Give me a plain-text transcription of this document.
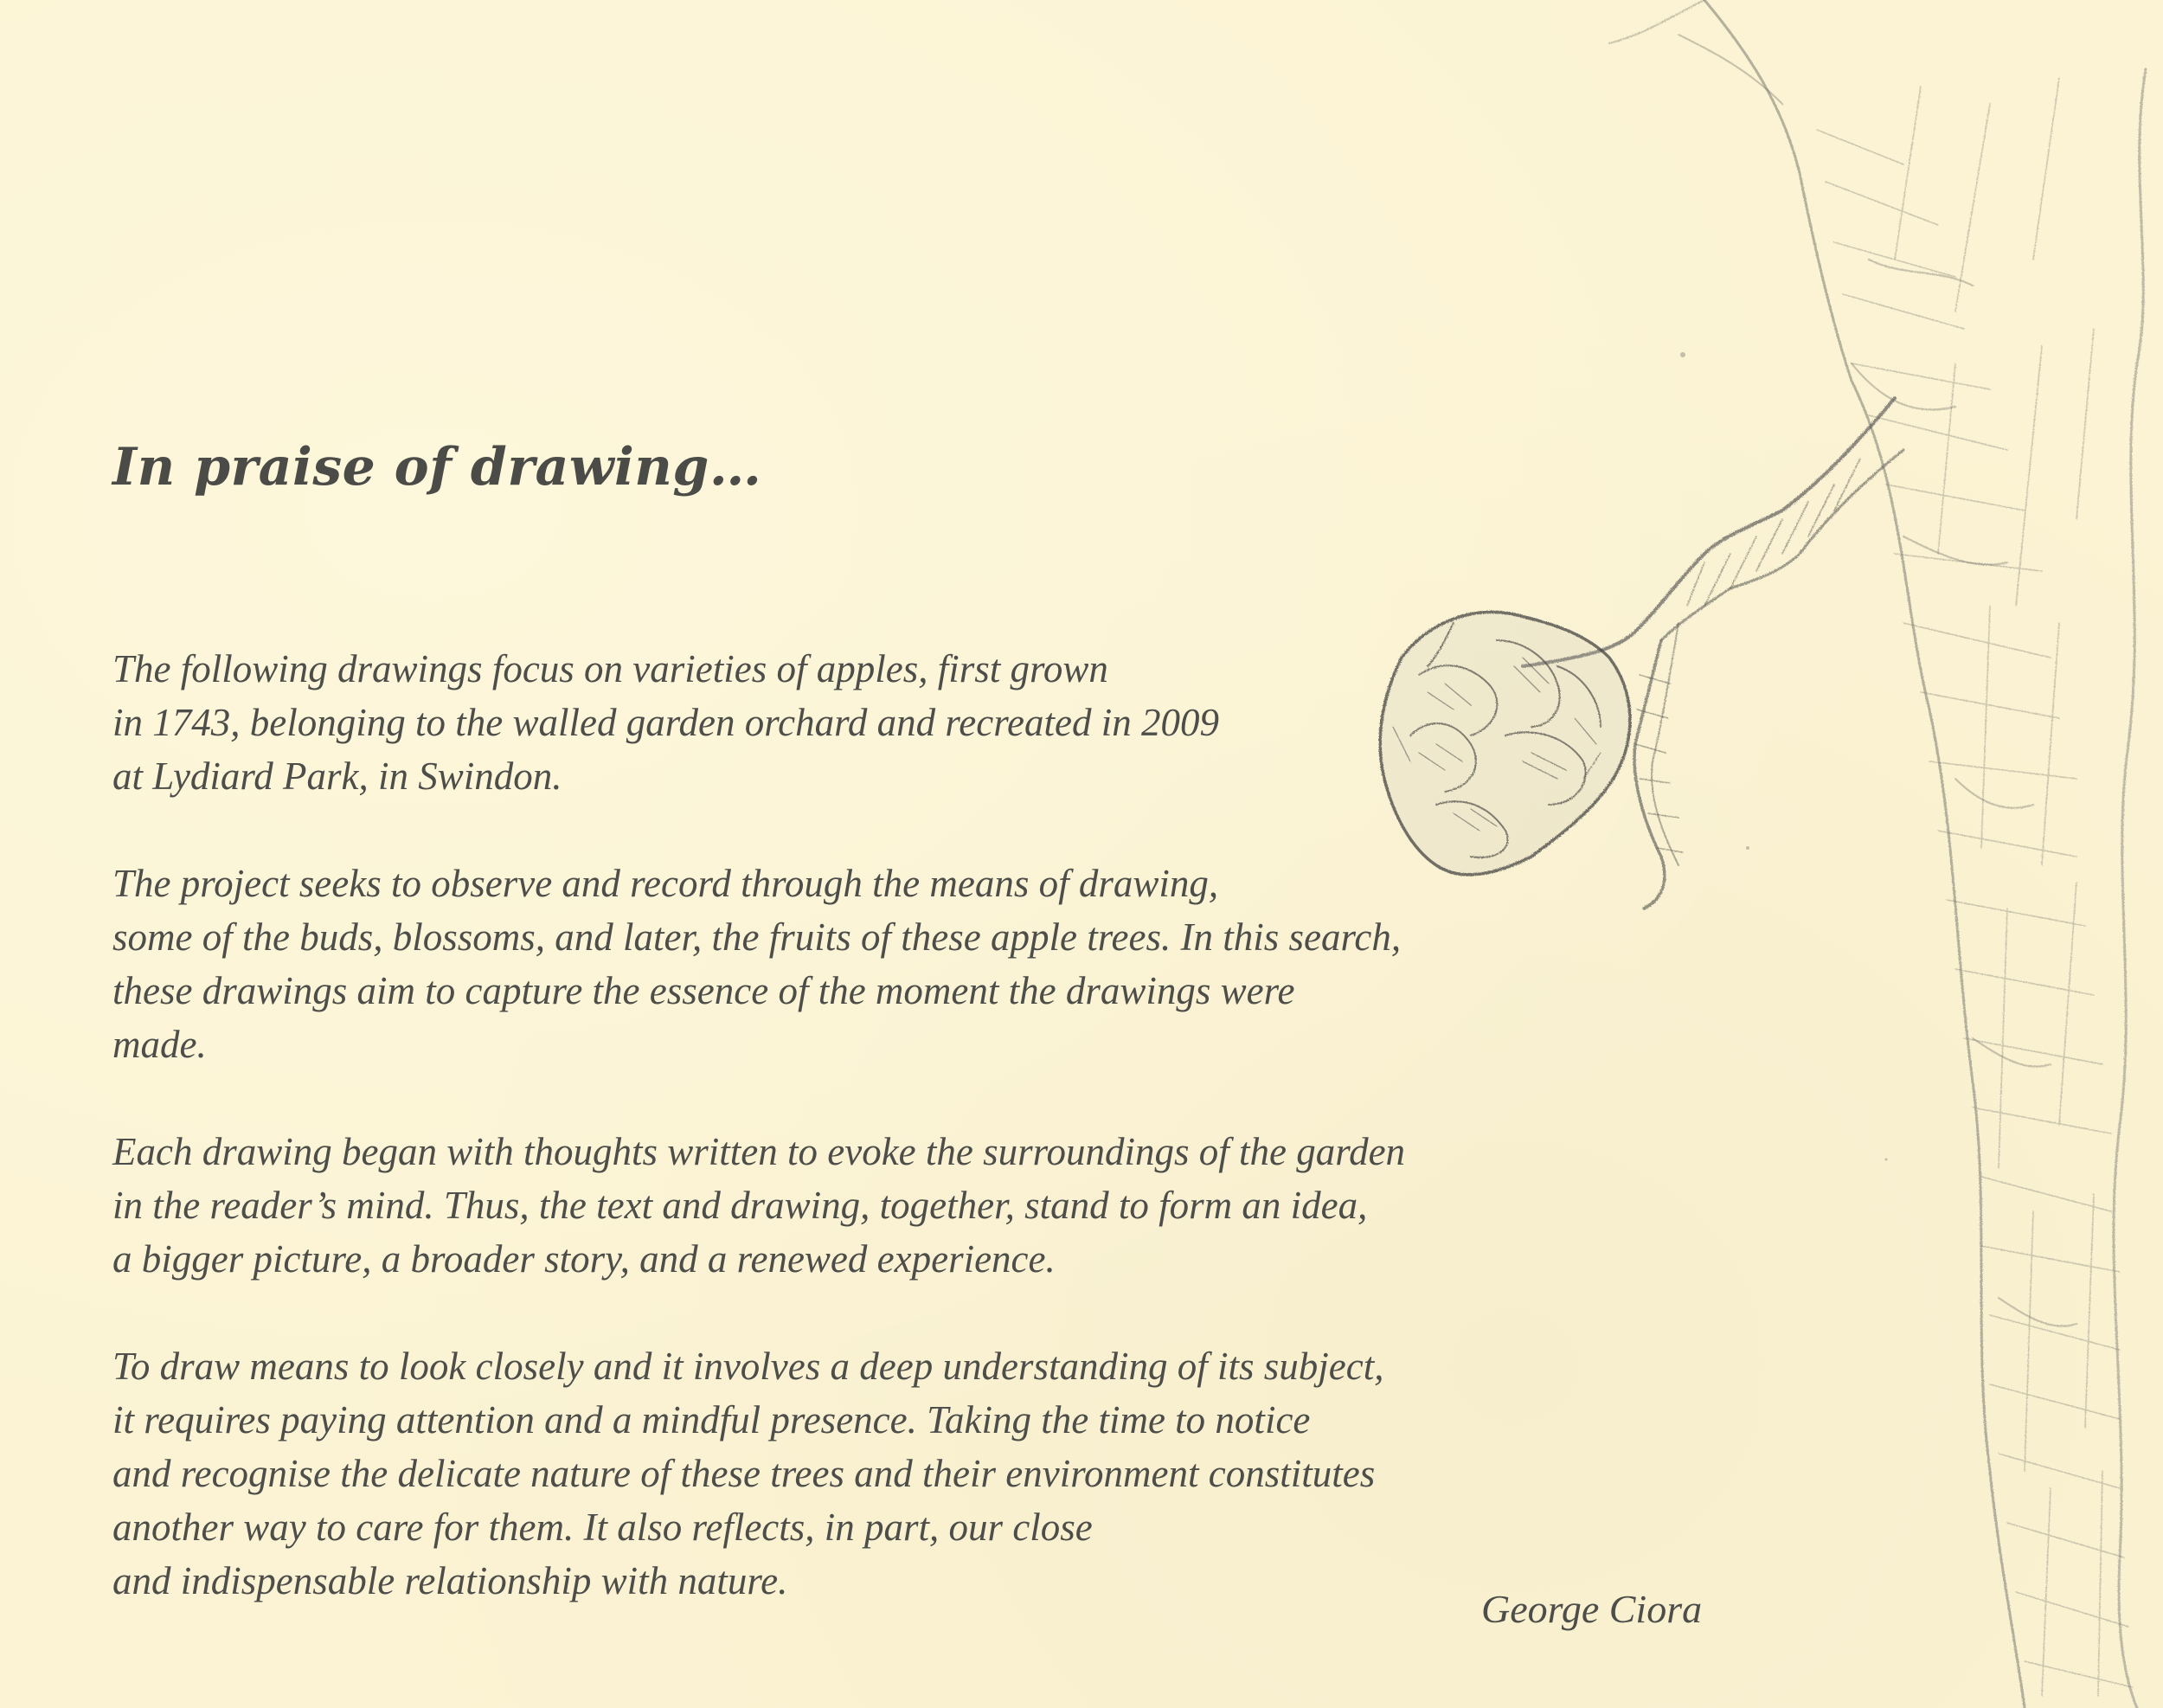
In praise of drawing…

The following drawings focus on varieties of apples, first grown
in 1743, belonging to the walled garden orchard and recreated in 2009
at Lydiard Park, in Swindon.

The project seeks to observe and record through the means of drawing,
some of the buds, blossoms, and later, the fruits of these apple trees. In this search,
these drawings aim to capture the essence of the moment the drawings were
made.

Each drawing began with thoughts written to evoke the surroundings of the garden
in the reader’s mind. Thus, the text and drawing, together, stand to form an idea,
a bigger picture, a broader story, and a renewed experience.

To draw means to look closely and it involves a deep understanding of its subject,
it requires paying attention and a mindful presence. Taking the time to notice
and recognise the delicate nature of these trees and their environment constitutes
another way to care for them. It also reflects, in part, our close
and indispensable relationship with nature.

George Ciora
